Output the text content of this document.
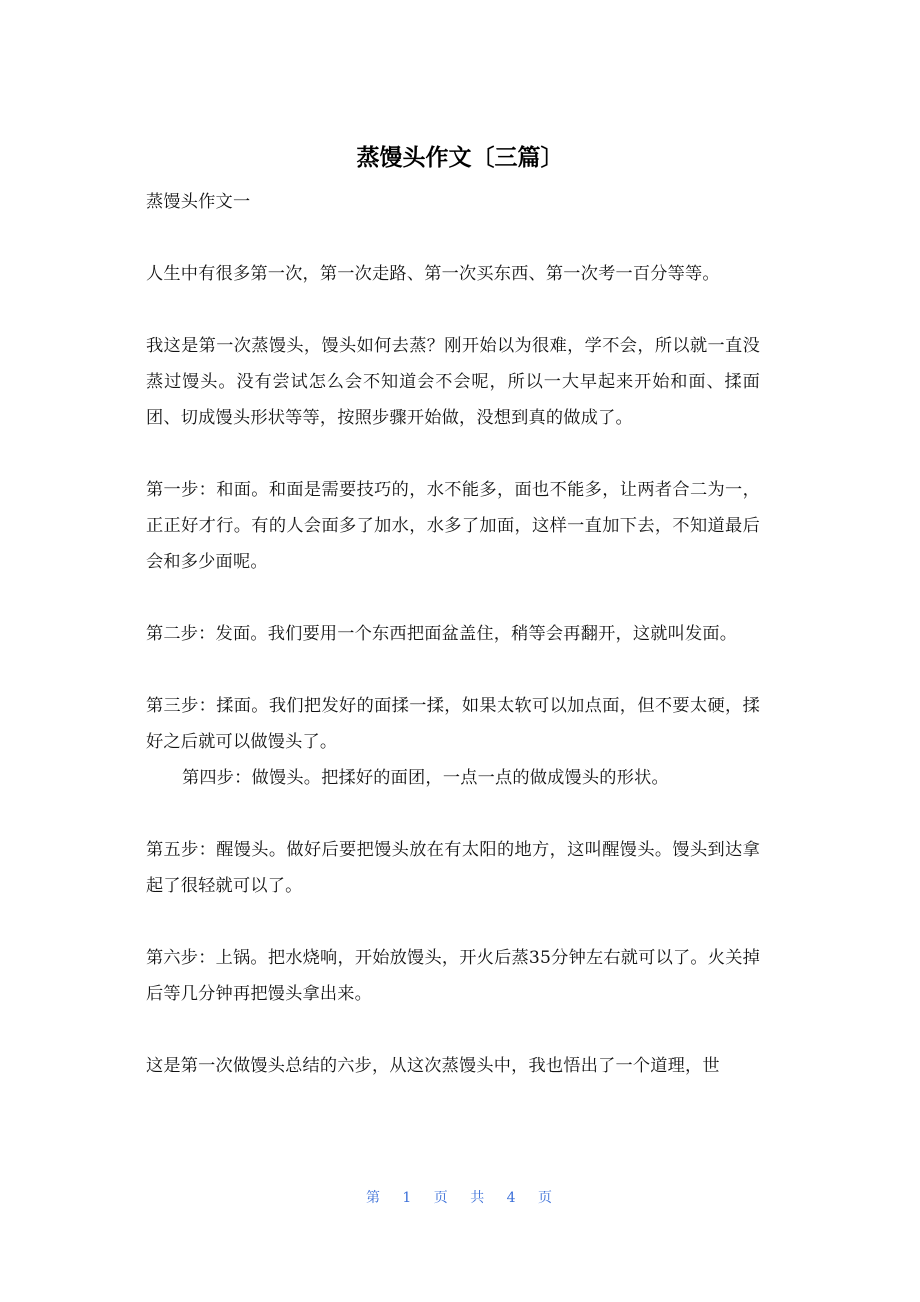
蒸馒头作文〔三篇〕

蒸馒头作文一

人生中有很多第一次，第一次走路、第一次买东西、第一次考一百分等等。

我这是第一次蒸馒头，馒头如何去蒸？刚开始以为很难，学不会，所以就一直没蒸过馒头。没有尝试怎么会不知道会不会呢，所以一大早起来开始和面、揉面团、切成馒头形状等等，按照步骤开始做，没想到真的做成了。

第一步：和面。和面是需要技巧的，水不能多，面也不能多，让两者合二为一，正正好才行。有的人会面多了加水，水多了加面，这样一直加下去，不知道最后会和多少面呢。

第二步：发面。我们要用一个东西把面盆盖住，稍等会再翻开，这就叫发面。

第三步：揉面。我们把发好的面揉一揉，如果太软可以加点面，但不要太硬，揉好之后就可以做馒头了。

第四步：做馒头。把揉好的面团，一点一点的做成馒头的形状。

第五步：醒馒头。做好后要把馒头放在有太阳的地方，这叫醒馒头。馒头到达拿起了很轻就可以了。

第六步：上锅。把水烧响，开始放馒头，开火后蒸35分钟左右就可以了。火关掉后等几分钟再把馒头拿出来。

这是第一次做馒头总结的六步，从这次蒸馒头中，我也悟出了一个道理，世

第 1 页 共 4 页
